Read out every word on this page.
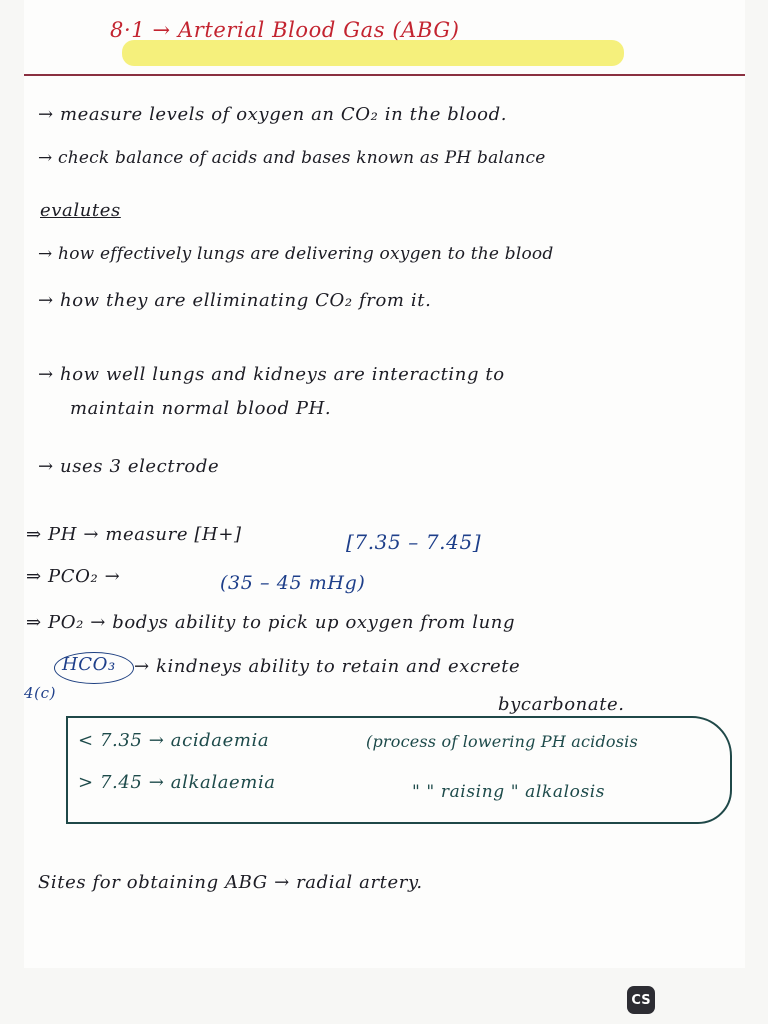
8·1 → Arterial Blood Gas (ABG)
→ measure levels of oxygen an CO₂ in the blood.
→ check balance of acids and bases known as PH balance
evalutes
→ how effectively lungs are delivering oxygen to the blood
→ how they are elliminating CO₂ from it.
→ how well lungs and kidneys are interacting to
maintain normal blood PH.
→ uses 3 electrode
⇒ PH → measure [H+]	[7.35 – 7.45]
⇒ PCO₂ →	(35 – 45 mHg)
⇒ PO₂ → bodys ability to pick up oxygen from lung
HCO₃ → kindneys ability to retain and excrete
4(c)
bycarbonate.
< 7.35 → acidaemia	(process of lowering PH acidosis
> 7.45 → alkalaemia	" " raising " alkalosis
Sites for obtaining ABG → radial artery.
CS
